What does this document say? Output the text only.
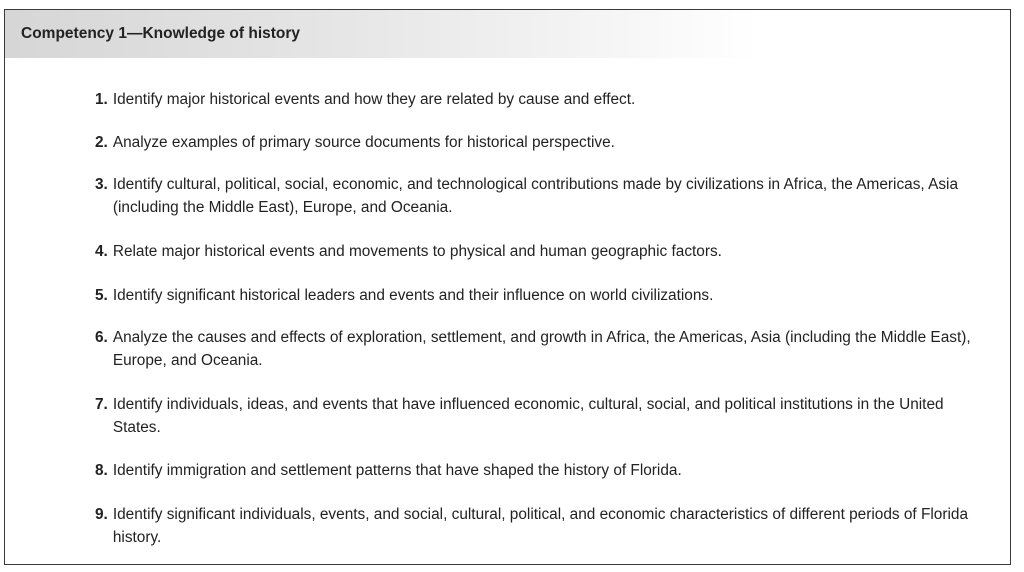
Competency 1—Knowledge of history
1. Identify major historical events and how they are related by cause and effect.
2. Analyze examples of primary source documents for historical perspective.
3. Identify cultural, political, social, economic, and technological contributions made by civilizations in Africa, the Americas, Asia (including the Middle East), Europe, and Oceania.
4. Relate major historical events and movements to physical and human geographic factors.
5. Identify significant historical leaders and events and their influence on world civilizations.
6. Analyze the causes and effects of exploration, settlement, and growth in Africa, the Americas, Asia (including the Middle East), Europe, and Oceania.
7. Identify individuals, ideas, and events that have influenced economic, cultural, social, and political institutions in the United States.
8. Identify immigration and settlement patterns that have shaped the history of Florida.
9. Identify significant individuals, events, and social, cultural, political, and economic characteristics of different periods of Florida history.
